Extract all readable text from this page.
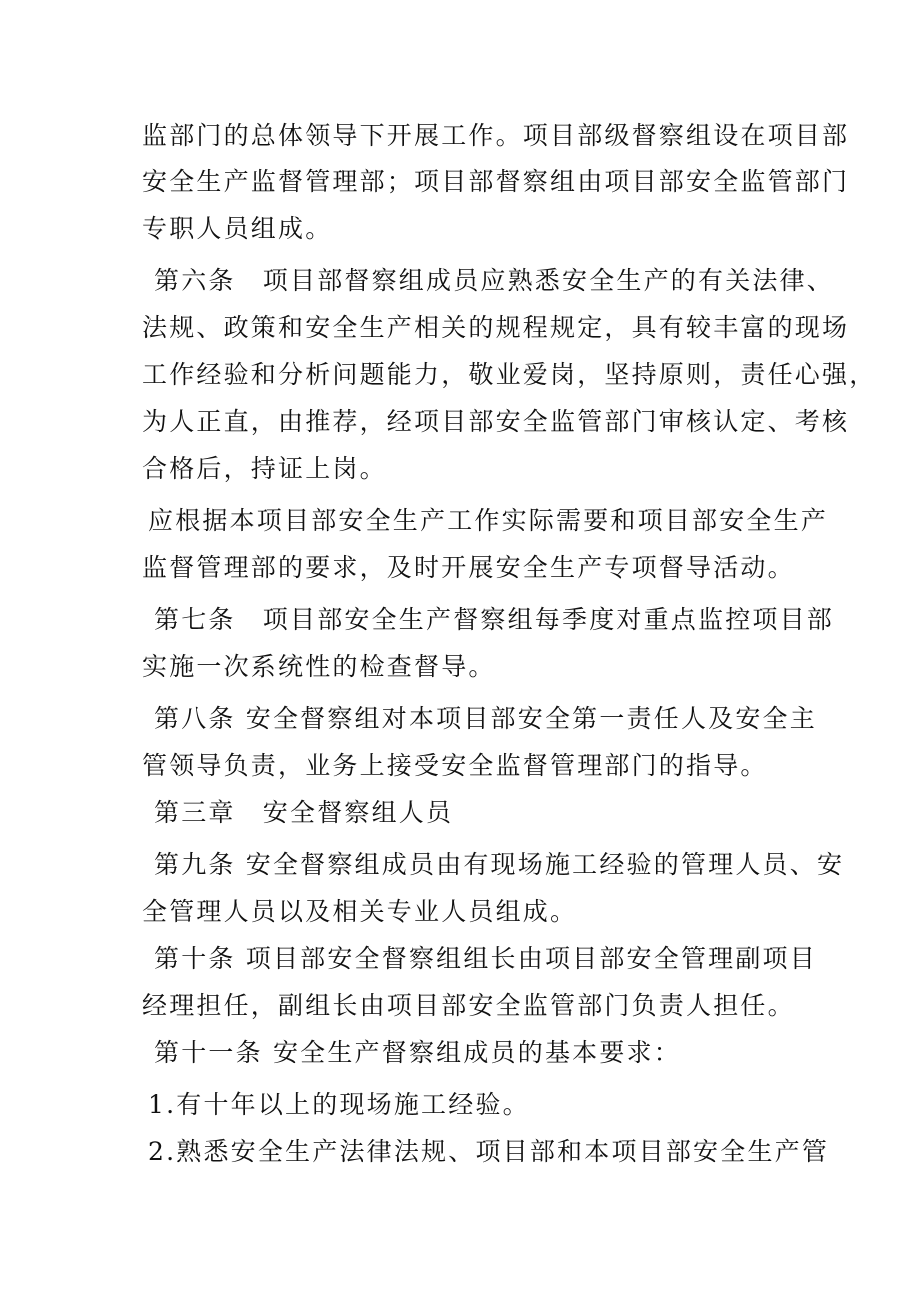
监部门的总体领导下开展工作。项目部级督察组设在项目部
安全生产监督管理部；项目部督察组由项目部安全监管部门
专职人员组成。
第六条　项目部督察组成员应熟悉安全生产的有关法律、
法规、政策和安全生产相关的规程规定，具有较丰富的现场
工作经验和分析问题能力，敬业爱岗，坚持原则，责任心强，
为人正直，由推荐，经项目部安全监管部门审核认定、考核
合格后，持证上岗。
应根据本项目部安全生产工作实际需要和项目部安全生产
监督管理部的要求，及时开展安全生产专项督导活动。
第七条　项目部安全生产督察组每季度对重点监控项目部
实施一次系统性的检查督导。
第八条 安全督察组对本项目部安全第一责任人及安全主
管领导负责，业务上接受安全监督管理部门的指导。
第三章　安全督察组人员
第九条 安全督察组成员由有现场施工经验的管理人员、安
全管理人员以及相关专业人员组成。
第十条 项目部安全督察组组长由项目部安全管理副项目
经理担任，副组长由项目部安全监管部门负责人担任。
第十一条 安全生产督察组成员的基本要求：
1.有十年以上的现场施工经验。
2.熟悉安全生产法律法规、项目部和本项目部安全生产管
